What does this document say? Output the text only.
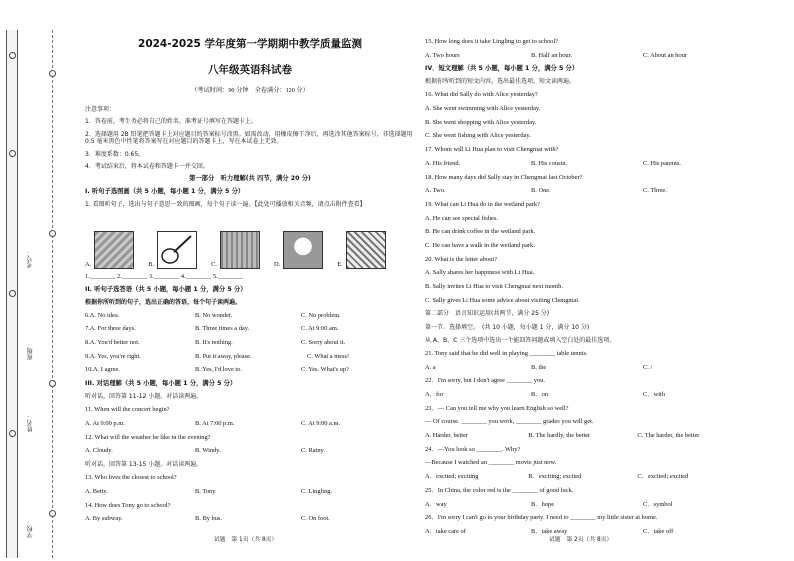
考号：
班级：
姓名：
学校：
2024-2025 学年度第一学期期中教学质量监测
八年级英语科试卷
（考试时间：90 分钟　全卷满分：120 分）

注意事项：

1．答卷前，考生务必将自己的姓名、准考证号填写在答题卡上。

2．选择题用 2B 铅笔把答题卡上对应题目的答案标号涂黑。如需改动，用橡皮擦干净后，再选涂其他答案标号，非选择题用 0.5 毫米黑色中性笔将答案写在对应题目的答题卡上，写在本试卷上无效。

3．难度系数：0.65。

4．考试结束后，将本试卷和答题卡一并交回。

第一部分　听力理解(共 四节，满分 20 分)
I. 听句子选图画（共 5 小题，每小题 1 分，满分 5 分）
1. 看图听句子，选出与句子意思一致的图画，每个句子读一遍。【此处可播放相关音频，请点击附件查看】
A.	B.	C.	D.	E.
1.________ 2.________ 3.________ 4.________ 5.________
II. 听句子选答语（共 5 小题，每小题 1 分，满分 5 分）
根据你所听到的句子，选出正确的答语，每个句子读两遍。
6.A. No idea.	B. No wonder.	C. No problem.
7.A. For three days.	B. Three times a day.	C. At 9:00 am.
8.A. You'd better not.	B. It's nothing.	C. Sorry about it.
9.A. Yes, you're right.	B. Put it away, please.	C. What a mess!
10.A. I agree.	B. Yes, I'd love to.	C. Yes. What's up?
III. 对话理解（共 5 小题，每小题 1 分，满分 5 分）
听对话，回答第 11-12 小题。对话读两遍。
11. When will the concert begin?
A. At 9:00 p.m.	B. At 7:00 p.m.	C. At 9:00 a.m.
12. What will the weather be like in the evening?
A. Cloudy.	B. Windy.	C. Rainy.
听对话，回答第 13-15 小题。对话读两遍。
13. Who lives the closest to school?
A. Betty.	B. Tony.	C. Lingling.
14. How does Tony go to school?
A. By subway.	B. By bus.	C. On foot.
15. How long does it take Lingling to get to school?
A. Two hours	B. Half an hour.	C. About an hour
IV．短文理解（共 5 小题，每小题 1 分，满分 5 分）
根据你所听到的短文内容，选出最佳选项。短文读两遍。
16. What did Sally do with Alice yesterday?
A. She went swimming with Alice yesterday.
B. She went shopping with Alice yesterday.
C. She went fishing with Alice yesterday.
17. Whom will Li Hua plan to visit Chengmai with?
A. His friend.	B. His cousin.	C. His parents.
18. How many days did Sally stay in Chengmai last October?
A. Two.	B. One.	C. Three.
19. What can Li Hua do in the wetland park?
A. He can see special fishes.
B. He can drink coffee in the wetland park.
C. He can have a walk in the wetland park.
20. What is the letter about?
A. Sally shares her happiness with Li Hua.
B. Sally invites Li Hua to visit Chengmai next month.
C. Sally gives Li Hua some advice about visiting Chengmai.
第二部分　语言知识运用(共两节，满分 25 分)
第一节．选择填空。　(共 10 小题，每小题 1 分，满分 10 分)
从 A、B、C 三个选项中选出一个能回答问题或填入空白处的最佳选项。
21. Tony said that he did well in playing ________ table tennis.
A. a	B. the	C. /
22．I'm sorry, but I don't agree ________ you.
A．for	B．on	C．with
23．— Can you tell me why you learn English so well?
— Of course. ________ you work, ________ grades you will get.
A. Harder, better	B. The hardly, the better	C. The harder, the better
24．—You look so ________. Why?
—Because I watched an ________ movie just now.
A．excited; exciting	B．exciting; excited	C．excited; excited
25．In China, the color red is the ________ of good luck.
A．way	B．hope	C．symbol
26．I'm sorry I can't go to your birthday party. I need to ________ my little sister at home.
A．take care of	B．take away	C．take off
试题　第 1页（共 8页）	试题　第 2页（共 8页）
